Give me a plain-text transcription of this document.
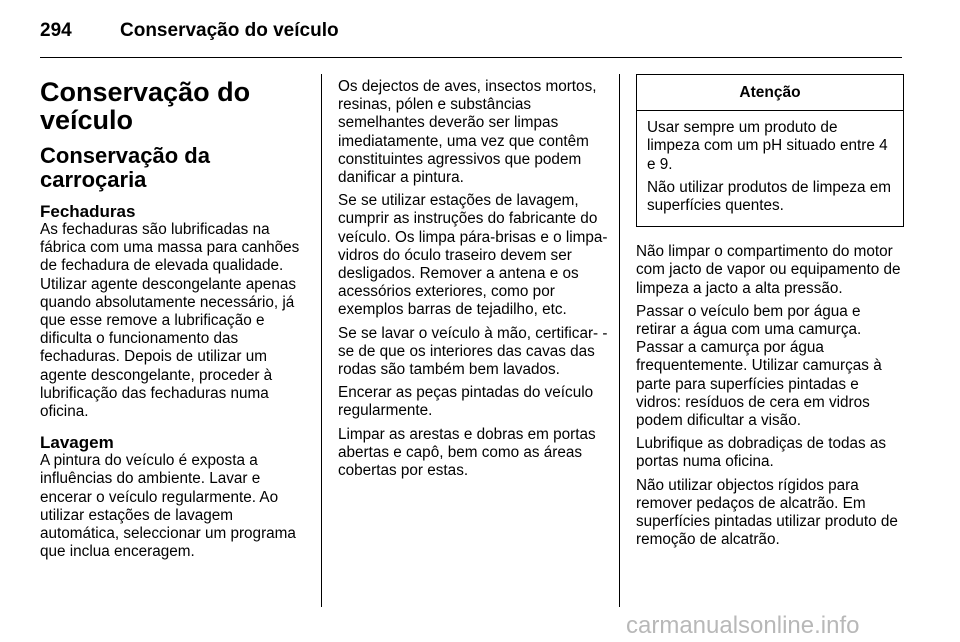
294	Conservação do veículo
Conservação do veículo
Conservação da carroçaria
Fechaduras

As fechaduras são lubrificadas na fábrica com uma massa para canhões de fechadura de elevada qualidade. Utilizar agente descongelante apenas quando absolutamente necessário, já que esse remove a lubrificação e dificulta o funcionamento das fechaduras. Depois de utilizar um agente descongelante, proceder à lubrificação das fechaduras numa oficina.

Lavagem

A pintura do veículo é exposta a influências do ambiente. Lavar e encerar o veículo regularmente. Ao utilizar estações de lavagem automática, seleccionar um programa que inclua enceragem.

Os dejectos de aves, insectos mortos, resinas, pólen e substâncias semelhantes deverão ser limpas imediatamente, uma vez que contêm constituintes agressivos que podem danificar a pintura.

Se se utilizar estações de lavagem, cumprir as instruções do fabricante do veículo. Os limpa pára-brisas e o limpa-vidros do óculo traseiro devem ser desligados. Remover a antena e os acessórios exteriores, como por exemplos barras de tejadilho, etc.

Se se lavar o veículo à mão, certificar- -se de que os interiores das cavas das rodas são também bem lavados.

Encerar as peças pintadas do veículo regularmente.

Limpar as arestas e dobras em portas abertas e capô, bem como as áreas cobertas por estas.

Atenção

Usar sempre um produto de limpeza com um pH situado entre 4 e 9.

Não utilizar produtos de limpeza em superfícies quentes.

Não limpar o compartimento do motor com jacto de vapor ou equipamento de limpeza a jacto a alta pressão.

Passar o veículo bem por água e retirar a água com uma camurça. Passar a camurça por água frequentemente. Utilizar camurças à parte para superfícies pintadas e vidros: resíduos de cera em vidros podem dificultar a visão.

Lubrifique as dobradiças de todas as portas numa oficina.

Não utilizar objectos rígidos para remover pedaços de alcatrão. Em superfícies pintadas utilizar produto de remoção de alcatrão.

carmanualsonline.info
